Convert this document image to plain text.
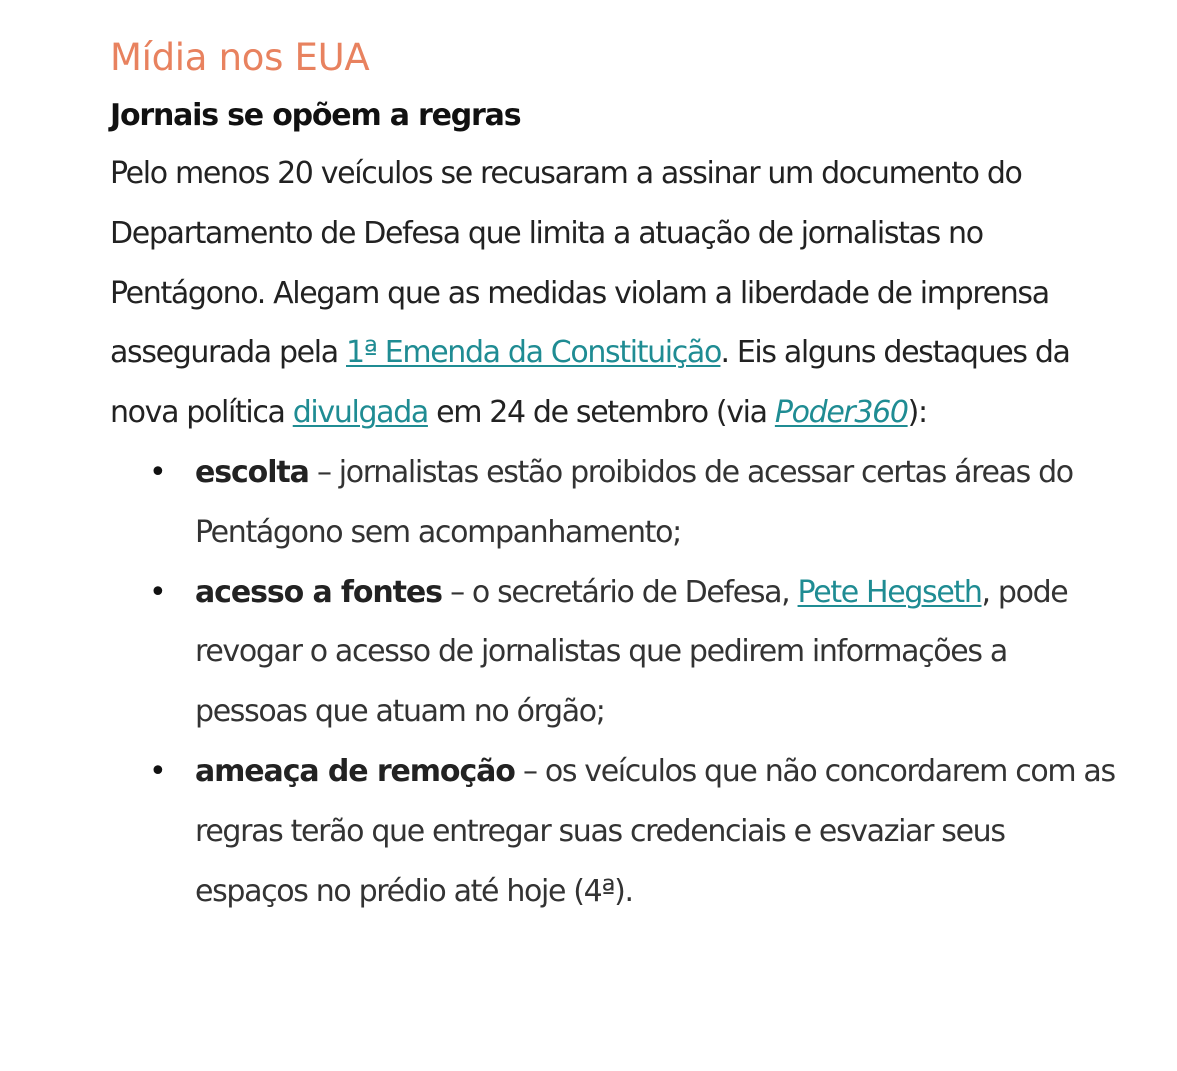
Mídia nos EUA

Jornais se opõem a regras

Pelo menos 20 veículos se recusaram a assinar um documento do Departamento de Defesa que limita a atuação de jornalistas no Pentágono. Alegam que as medidas violam a liberdade de imprensa assegurada pela 1ª Emenda da Constituição. Eis alguns destaques da nova política divulgada em 24 de setembro (via Poder360):

• escolta – jornalistas estão proibidos de acessar certas áreas do Pentágono sem acompanhamento;
• acesso a fontes – o secretário de Defesa, Pete Hegseth, pode revogar o acesso de jornalistas que pedirem informações a pessoas que atuam no órgão;
• ameaça de remoção – os veículos que não concordarem com as regras terão que entregar suas credenciais e esvaziar seus espaços no prédio até hoje (4ª).
